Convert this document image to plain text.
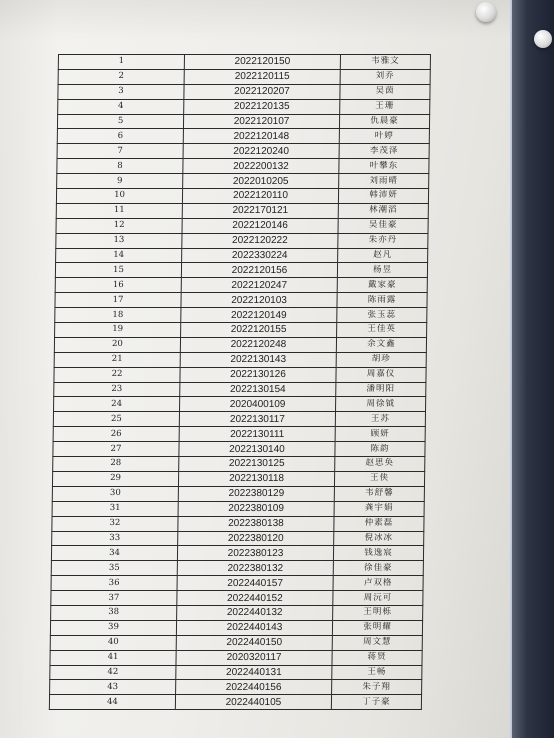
1	2022120150	韦雅文
2	2022120115	刘乔
3	2022120207	吴茵
4	2022120135	王珊
5	2022120107	仇晨豪
6	2022120148	叶婷
7	2022120240	李茂泽
8	2022200132	叶攀东
9	2022010205	刘雨晴
10	2022120110	韩沛妍
11	2022170121	林潮滔
12	2022120146	吴佳豪
13	2022120222	朱亦丹
14	2022330224	赵凡
15	2022120156	杨昱
16	2022120247	戴家豪
17	2022120103	陈雨露
18	2022120149	张玉蕊
19	2022120155	王佳英
20	2022120248	余文鑫
21	2022130143	胡珍
22	2022130126	周嘉仪
23	2022130154	潘明阳
24	2020400109	周徐钺
25	2022130117	王苏
26	2022130111	顾妍
27	2022130140	陈韵
28	2022130125	赵思奂
29	2022130118	王侠
30	2022380129	韦舒馨
31	2022380109	龚宇娟
32	2022380138	仲素磊
33	2022380120	倪冰冰
34	2022380123	钱逸宸
35	2022380132	徐佳豪
36	2022440157	卢双格
37	2022440152	周沅可
38	2022440132	王明栎
39	2022440143	张明耀
40	2022440150	周文慧
41	2020320117	蒋贤
42	2022440131	王畅
43	2022440156	朱子翔
44	2022440105	丁子豪
